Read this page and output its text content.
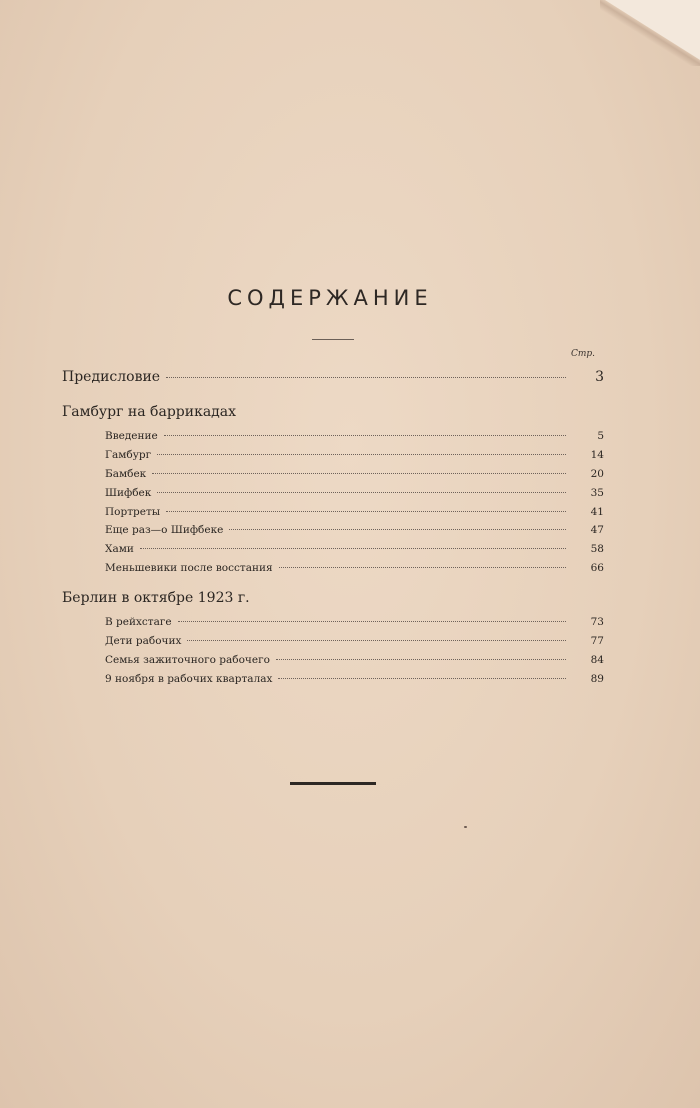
СОДЕРЖАНИЕ
Стр.
Предисловие	3
Гамбург на баррикадах
Введение	5
Гамбург	14
Бамбек	20
Шифбек	35
Портреты	41
Еще раз—о Шифбеке	47
Хами	58
Меньшевики после восстания	66
Берлин в октябре 1923 г.
В рейхстаге	73
Дети рабочих	77
Семья зажиточного рабочего	84
9 ноября в рабочих кварталах	89
